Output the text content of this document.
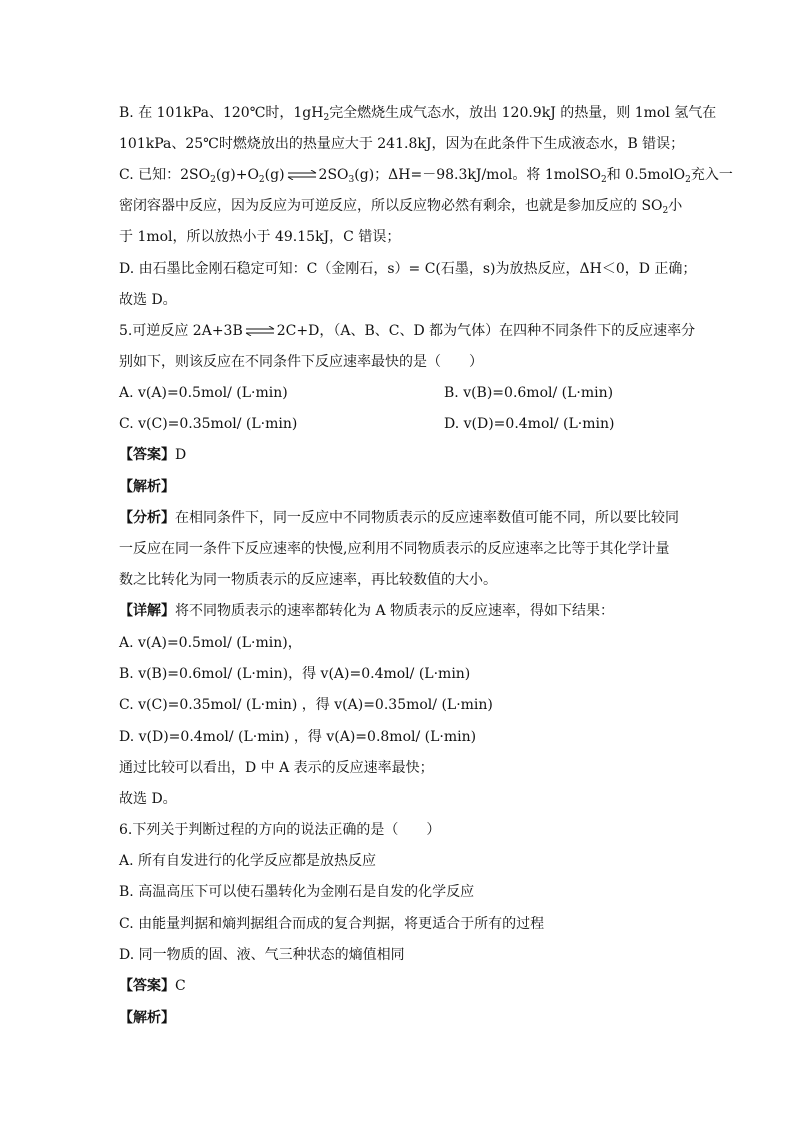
B. 在 101kPa、120℃时，$1gH_2$完全燃烧生成气态水，放出 120.9kJ 的热量，则 1mol 氢气在
101kPa、25℃时燃烧放出的热量应大于 241.8kJ，因为在此条件下生成液态水，B 错误；
C. 已知：$2SO_2(g)+O_2(g)$ ⇌ $2SO_3(g)$；ΔH=－98.3kJ/mol。将 1molSO$_2$和 0.5molO$_2$充入一
密闭容器中反应，因为反应为可逆反应，所以反应物必然有剩余，也就是参加反应的 $SO_2$小
于 1mol，所以放热小于 49.15kJ，C 错误；
D. 由石墨比金刚石稳定可知：C（金刚石，s）= C(石墨，s)为放热反应，ΔH＜0，D 正确；
故选 D。
5.可逆反应 2A+3B ⇌ 2C+D，（A、B、C、D 都为气体）在四种不同条件下的反应速率分
别如下，则该反应在不同条件下反应速率最快的是（　　）
A. v(A)=0.5mol/ (L·min)	B. v(B)=0.6mol/ (L·min)
C. v(C)=0.35mol/ (L·min)	D. v(D)=0.4mol/ (L·min)
【答案】D
【解析】
【分析】在相同条件下，同一反应中不同物质表示的反应速率数值可能不同，所以要比较同
一反应在同一条件下反应速率的快慢,应利用不同物质表示的反应速率之比等于其化学计量
数之比转化为同一物质表示的反应速率，再比较数值的大小。
【详解】将不同物质表示的速率都转化为 A 物质表示的反应速率，得如下结果：
A. v(A)=0.5mol/ (L·min)，
B. v(B)=0.6mol/ (L·min)，得 v(A)=0.4mol/ (L·min)
C. v(C)=0.35mol/ (L·min) ，得 v(A)=0.35mol/ (L·min)
D. v(D)=0.4mol/ (L·min) ，得 v(A)=0.8mol/ (L·min)
通过比较可以看出，D 中 A 表示的反应速率最快；
故选 D。
6.下列关于判断过程的方向的说法正确的是（　　）
A. 所有自发进行的化学反应都是放热反应
B. 高温高压下可以使石墨转化为金刚石是自发的化学反应
C. 由能量判据和熵判据组合而成的复合判据，将更适合于所有的过程
D. 同一物质的固、液、气三种状态的熵值相同
【答案】C
【解析】
